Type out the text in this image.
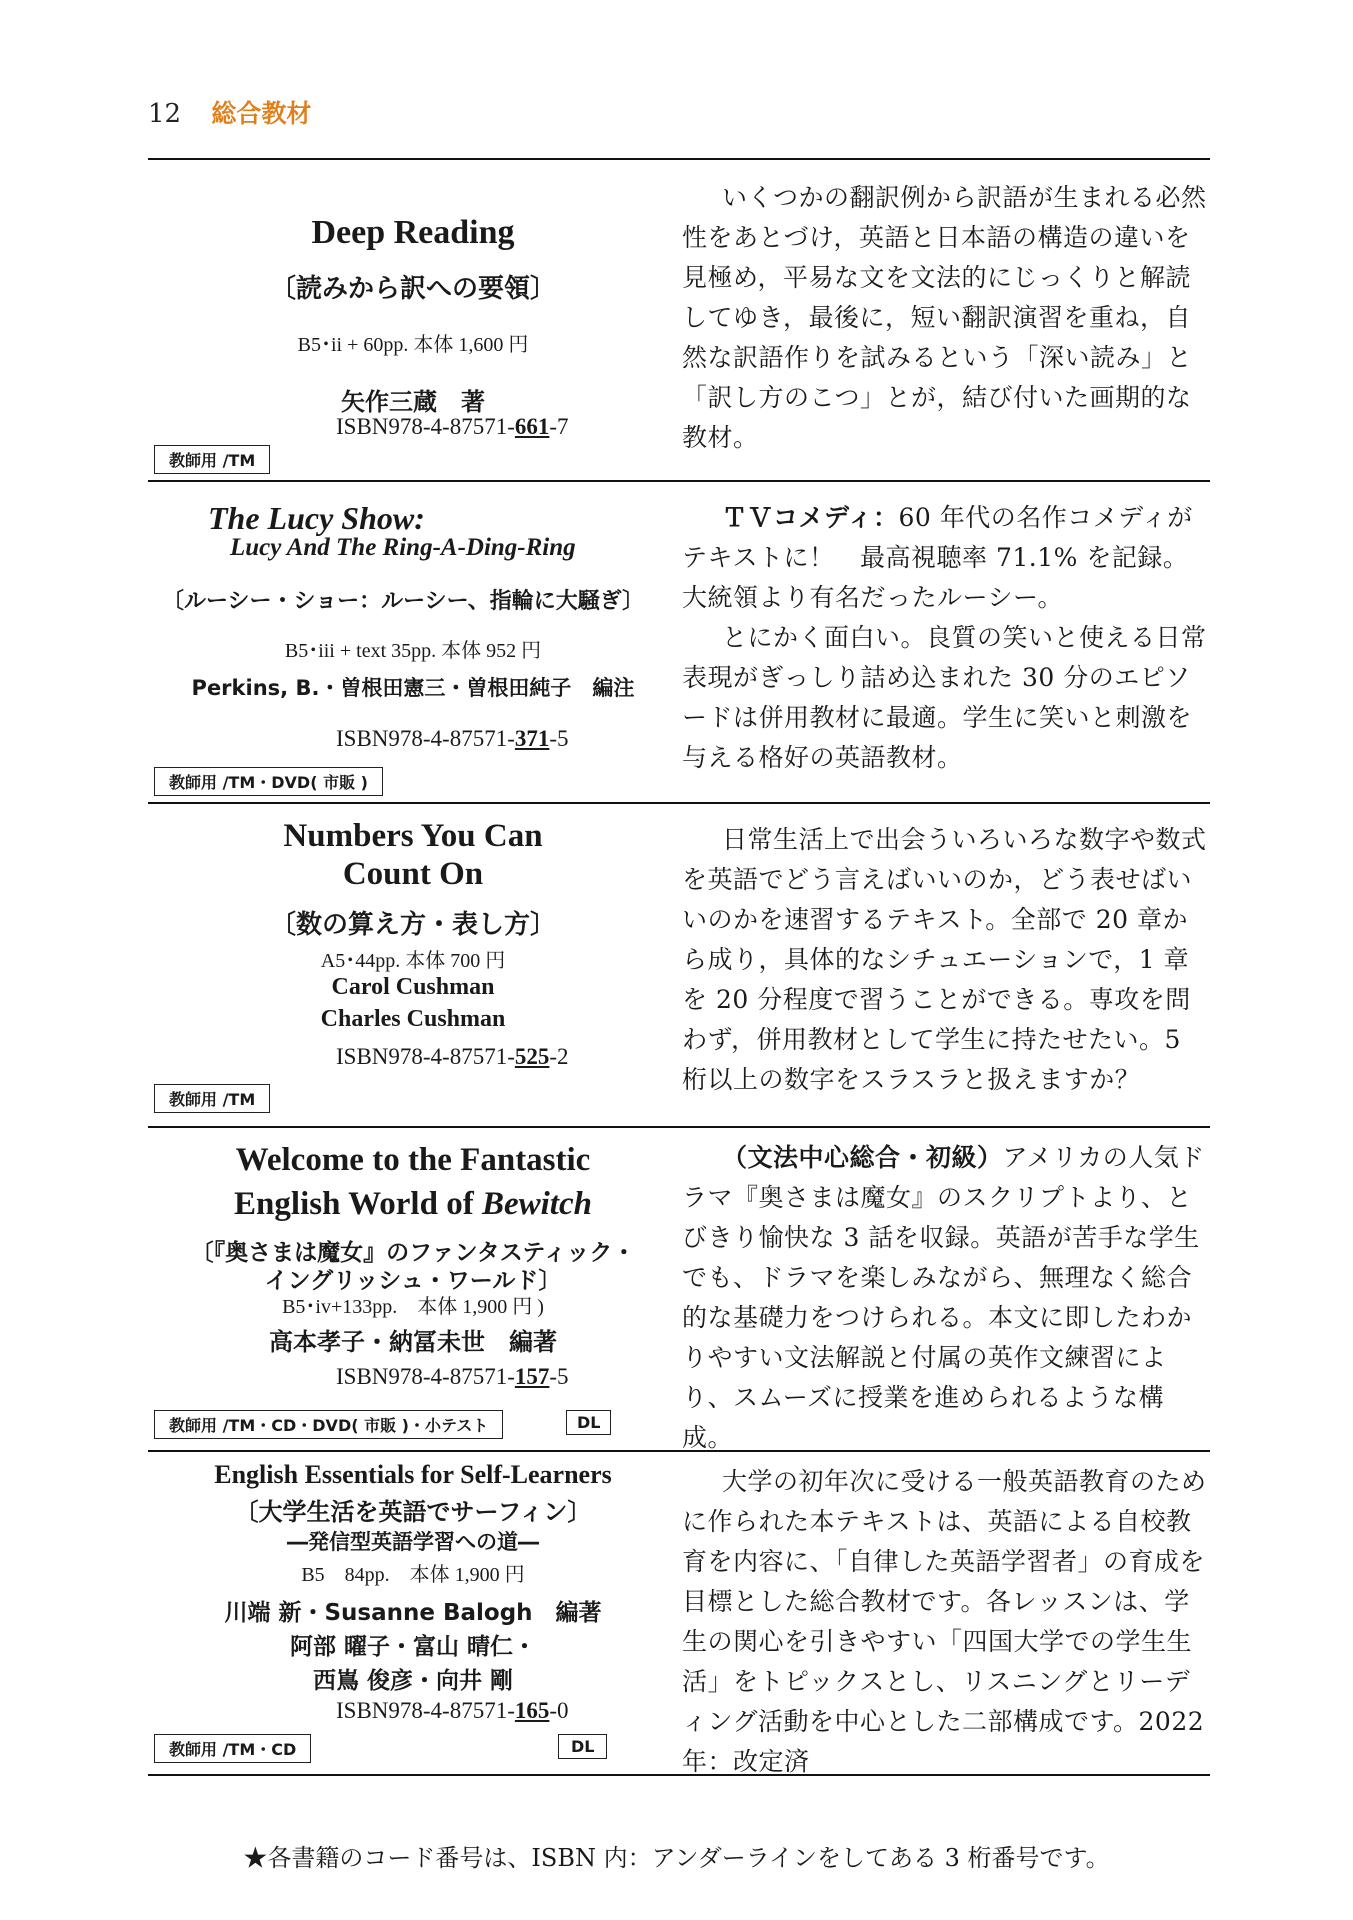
12 総合教材
Deep Reading
〔読みから訳への要領〕
B5･ii + 60pp. 本体 1,600 円
矢作三蔵　著
ISBN978-4-87571-661-7
教師用 /TM

いくつかの翻訳例から訳語が生まれる必然性をあとづけ，英語と日本語の構造の違いを見極め，平易な文を文法的にじっくりと解読してゆき，最後に，短い翻訳演習を重ね，自然な訳語作りを試みるという「深い読み」と「訳し方のこつ」とが，結び付いた画期的な教材。

The Lucy Show:
Lucy And The Ring-A-Ding-Ring
〔ルーシー・ショー：ルーシー、指輪に大騒ぎ〕
B5･iii + text 35pp. 本体 952 円
Perkins, B.・曽根田憲三・曽根田純子　編注
ISBN978-4-87571-371-5
教師用 /TM・DVD( 市販 )

ＴＶコメディ：60 年代の名作コメディがテキストに！　最高視聴率 71.1% を記録。大統領より有名だったルーシー。

とにかく面白い。良質の笑いと使える日常表現がぎっしり詰め込まれた 30 分のエピソードは併用教材に最適。学生に笑いと刺激を与える格好の英語教材。

Numbers You Can
Count On
〔数の算え方・表し方〕
A5･44pp. 本体 700 円
Carol Cushman
Charles Cushman
ISBN978-4-87571-525-2
教師用 /TM

日常生活上で出会ういろいろな数字や数式を英語でどう言えばいいのか，どう表せばいいのかを速習するテキスト。全部で 20 章から成り，具体的なシチュエーションで，1 章を 20 分程度で習うことができる。専攻を問わず，併用教材として学生に持たせたい。5 桁以上の数字をスラスラと扱えますか？

Welcome to the Fantastic
English World of Bewitch
〔『奥さまは魔女』のファンタスティック・
イングリッシュ・ワールド〕
B5･iv+133pp.　本体 1,900 円 )
高本孝子・納冨未世　編著
ISBN978-4-87571-157-5
教師用 /TM・CD・DVD( 市販 )・小テスト	DL

（文法中心総合・初級）アメリカの人気ドラマ『奥さまは魔女』のスクリプトより、とびきり愉快な 3 話を収録。英語が苦手な学生でも、ドラマを楽しみながら、無理なく総合的な基礎力をつけられる。本文に即したわかりやすい文法解説と付属の英作文練習により、スムーズに授業を進められるような構成。

English Essentials for Self-Learners
〔大学生活を英語でサーフィン〕
―発信型英語学習への道―
B5　84pp.　本体 1,900 円
川端 新・Susanne Balogh　編著
阿部 曜子・富山 晴仁・
西嶌 俊彦・向井 剛
ISBN978-4-87571-165-0
教師用 /TM・CD	DL

大学の初年次に受ける一般英語教育のために作られた本テキストは、英語による自校教育を内容に、「自律した英語学習者」の育成を目標とした総合教材です。各レッスンは、学生の関心を引きやすい「四国大学での学生生活」をトピックスとし、リスニングとリーディング活動を中心とした二部構成です。2022 年：改定済

★各書籍のコード番号は、ISBN 内：アンダーラインをしてある 3 桁番号です。
